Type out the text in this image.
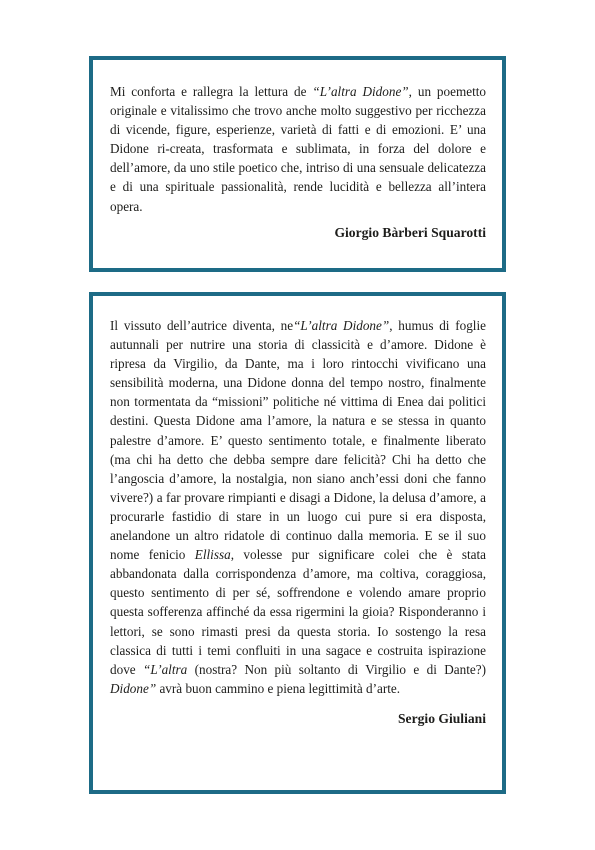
Mi conforta e rallegra la lettura de “L’altra Didone”, un poemetto originale e vitalissimo che trovo anche molto suggestivo per ricchezza di vicende, figure, esperienze, varietà di fatti e di emozioni. E’ una Didone ri-creata, trasformata e sublimata, in forza del dolore e dell’amore, da uno stile poetico che, intriso di una sensuale delicatezza e di una spirituale passionalità, rende lucidità e bellezza all’intera opera.

Giorgio Bàrberi Squarotti

Il vissuto dell’autrice diventa, ne“L’altra Didone”, humus di foglie autunnali per nutrire una storia di classicità e d’amore. Didone è ripresa da Virgilio, da Dante, ma i loro rintocchi vivificano una sensibilità moderna, una Didone donna del tempo nostro, finalmente non tormentata da “missioni” politiche né vittima di Enea dai politici destini. Questa Didone ama l’amore, la natura e se stessa in quanto palestre d’amore. E’ questo sentimento totale, e finalmente liberato (ma chi ha detto che debba sempre dare felicità? Chi ha detto che l’angoscia d’amore, la nostalgia, non siano anch’essi doni che fanno vivere?) a far provare rimpianti e disagi a Didone, la delusa d’amore, a procurarle fastidio di stare in un luogo cui pure si era disposta, anelandone un altro ridatole di continuo dalla memoria. E se il suo nome fenicio Ellissa, volesse pur significare colei che è stata abbandonata dalla corrispondenza d’amore, ma coltiva, coraggiosa, questo sentimento di per sé, soffrendone e volendo amare proprio questa sofferenza affinché da essa rigermini la gioia? Risponderanno i lettori, se sono rimasti presi da questa storia. Io sostengo la resa classica di tutti i temi confluiti in una sagace e costruita ispirazione dove “L’altra (nostra? Non più soltanto di Virgilio e di Dante?) Didone” avrà buon cammino e piena legittimità d’arte.

Sergio Giuliani
